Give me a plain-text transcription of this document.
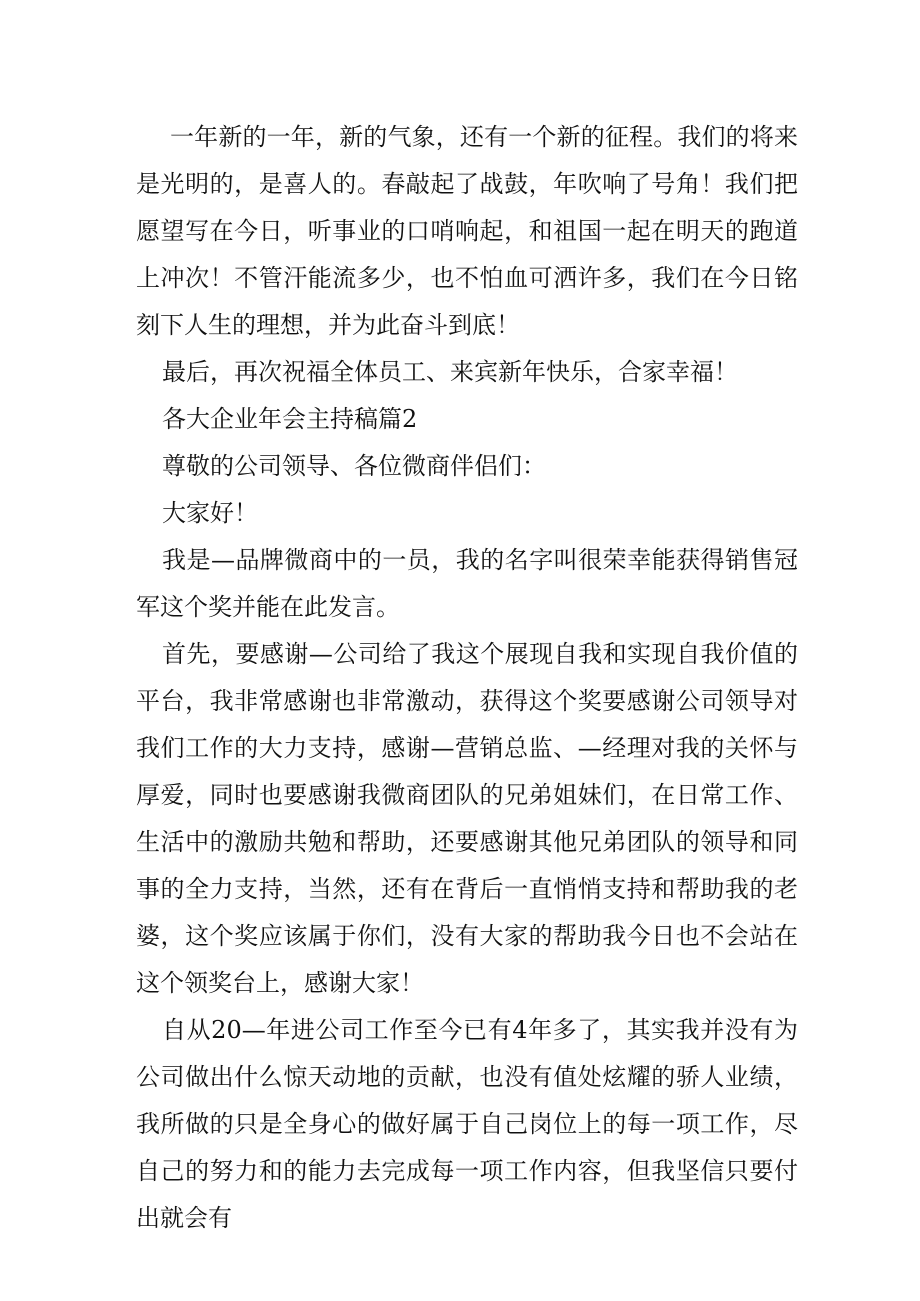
一年新的一年，新的气象，还有一个新的征程。我们的将来是光明的，是喜人的。春敲起了战鼓，年吹响了号角！我们把愿望写在今日，听事业的口哨响起，和祖国一起在明天的跑道上冲次！不管汗能流多少，也不怕血可洒许多，我们在今日铭刻下人生的理想，并为此奋斗到底！

最后，再次祝福全体员工、来宾新年快乐，合家幸福！

各大企业年会主持稿篇2

尊敬的公司领导、各位微商伴侣们：

大家好！

我是—品牌微商中的一员，我的名字叫很荣幸能获得销售冠军这个奖并能在此发言。

首先，要感谢—公司给了我这个展现自我和实现自我价值的平台，我非常感谢也非常激动，获得这个奖要感谢公司领导对我们工作的大力支持，感谢—营销总监、—经理对我的关怀与厚爱，同时也要感谢我微商团队的兄弟姐妹们，在日常工作、生活中的激励共勉和帮助，还要感谢其他兄弟团队的领导和同事的全力支持，当然，还有在背后一直悄悄支持和帮助我的老婆，这个奖应该属于你们，没有大家的帮助我今日也不会站在这个领奖台上，感谢大家！

自从20—年进公司工作至今已有4年多了，其实我并没有为公司做出什么惊天动地的贡献，也没有值处炫耀的骄人业绩，我所做的只是全身心的做好属于自己岗位上的每一项工作，尽自己的努力和的能力去完成每一项工作内容，但我坚信只要付出就会有
